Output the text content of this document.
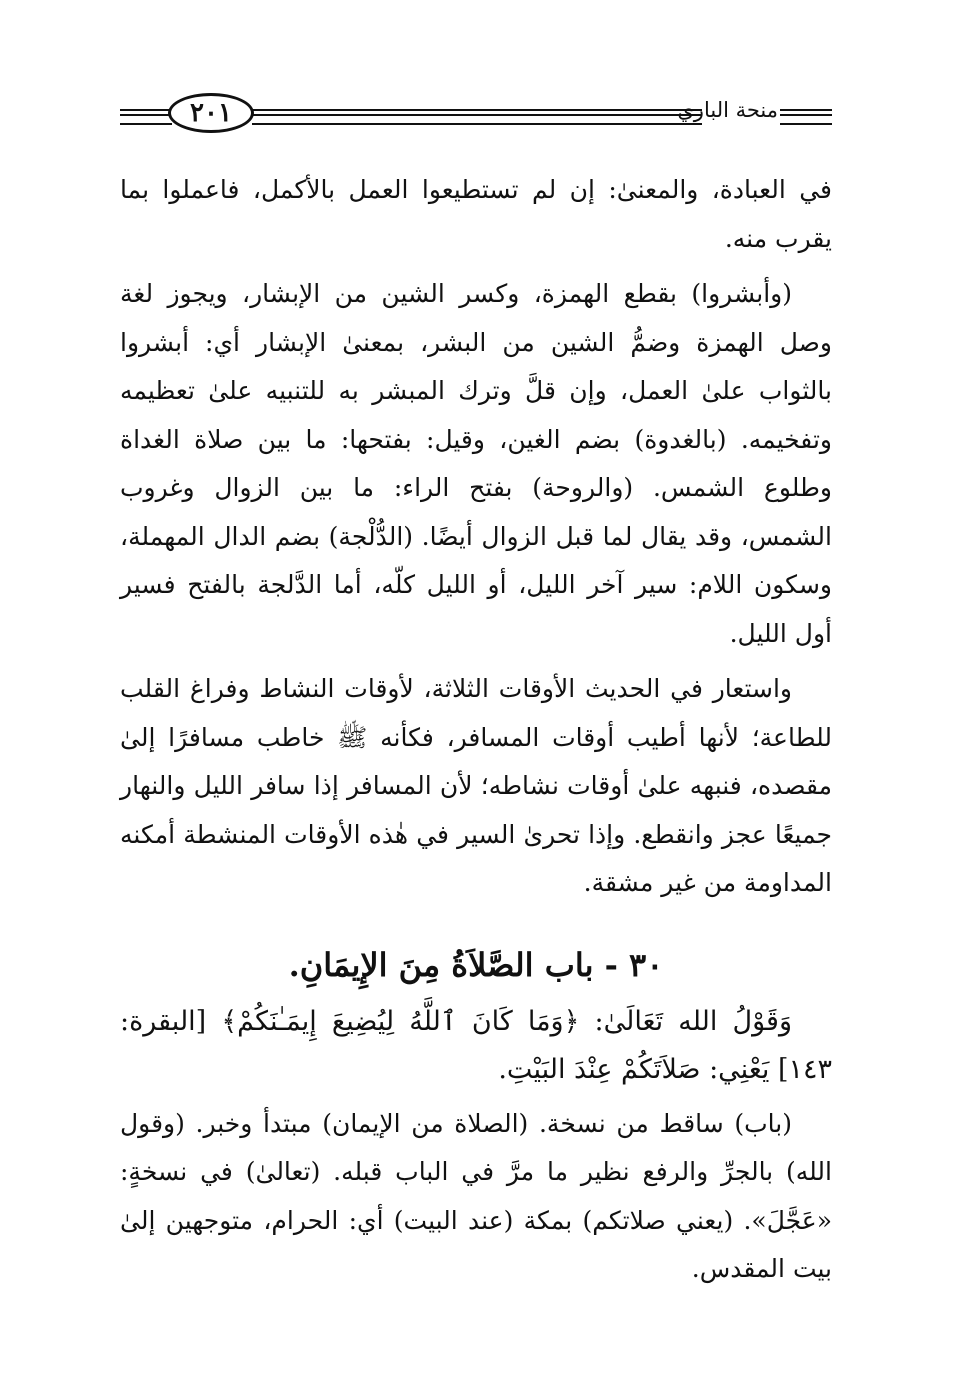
٢٠١	منحة الباري

في العبادة، والمعنىٰ: إن لم تستطيعوا العمل بالأكمل، فاعملوا بما يقرب منه.

(وأبشروا) بقطع الهمزة، وكسر الشين من الإبشار، ويجوز لغة وصل الهمزة وضمُّ الشين من البشر، بمعنىٰ الإبشار أي: أبشروا بالثواب علىٰ العمل، وإن قلَّ وترك المبشر به للتنبيه علىٰ تعظيمه وتفخيمه. (بالغدوة) بضم الغين، وقيل: بفتحها: ما بين صلاة الغداة وطلوع الشمس. (والروحة) بفتح الراء: ما بين الزوال وغروب الشمس، وقد يقال لما قبل الزوال أيضًا. (الدُّلْجة) بضم الدال المهملة، وسكون اللام: سير آخر الليل، أو الليل كلّه، أما الدَّلجة بالفتح فسير أول الليل.

واستعار في الحديث الأوقات الثلاثة، لأوقات النشاط وفراغ القلب للطاعة؛ لأنها أطيب أوقات المسافر، فكأنه ﷺ خاطب مسافرًا إلىٰ مقصده، فنبهه علىٰ أوقات نشاطه؛ لأن المسافر إذا سافر الليل والنهار جميعًا عجز وانقطع. وإذا تحرىٰ السير في هٰذه الأوقات المنشطة أمكنه المداومة من غير مشقة.

٣٠ - باب الصَّلاَةُ مِنَ الإِيمَانِ.
وَقَوْلُ الله تَعَالَىٰ: ﴿وَمَا كَانَ ٱللَّهُ لِيُضِيعَ إِيمَـٰنَكُمْ﴾ [البقرة: ١٤٣] يَعْنِي: صَلاَتَكُمْ عِنْدَ البَيْتِ.

(باب) ساقط من نسخة. (الصلاة من الإيمان) مبتدأ وخبر. (وقول الله) بالجرِّ والرفع نظير ما مرَّ في الباب قبله. (تعالىٰ) في نسخةٍ: «عَجَّلَ». (يعني صلاتكم) بمكة (عند البيت) أي: الحرام، متوجهين إلىٰ بيت المقدس.
